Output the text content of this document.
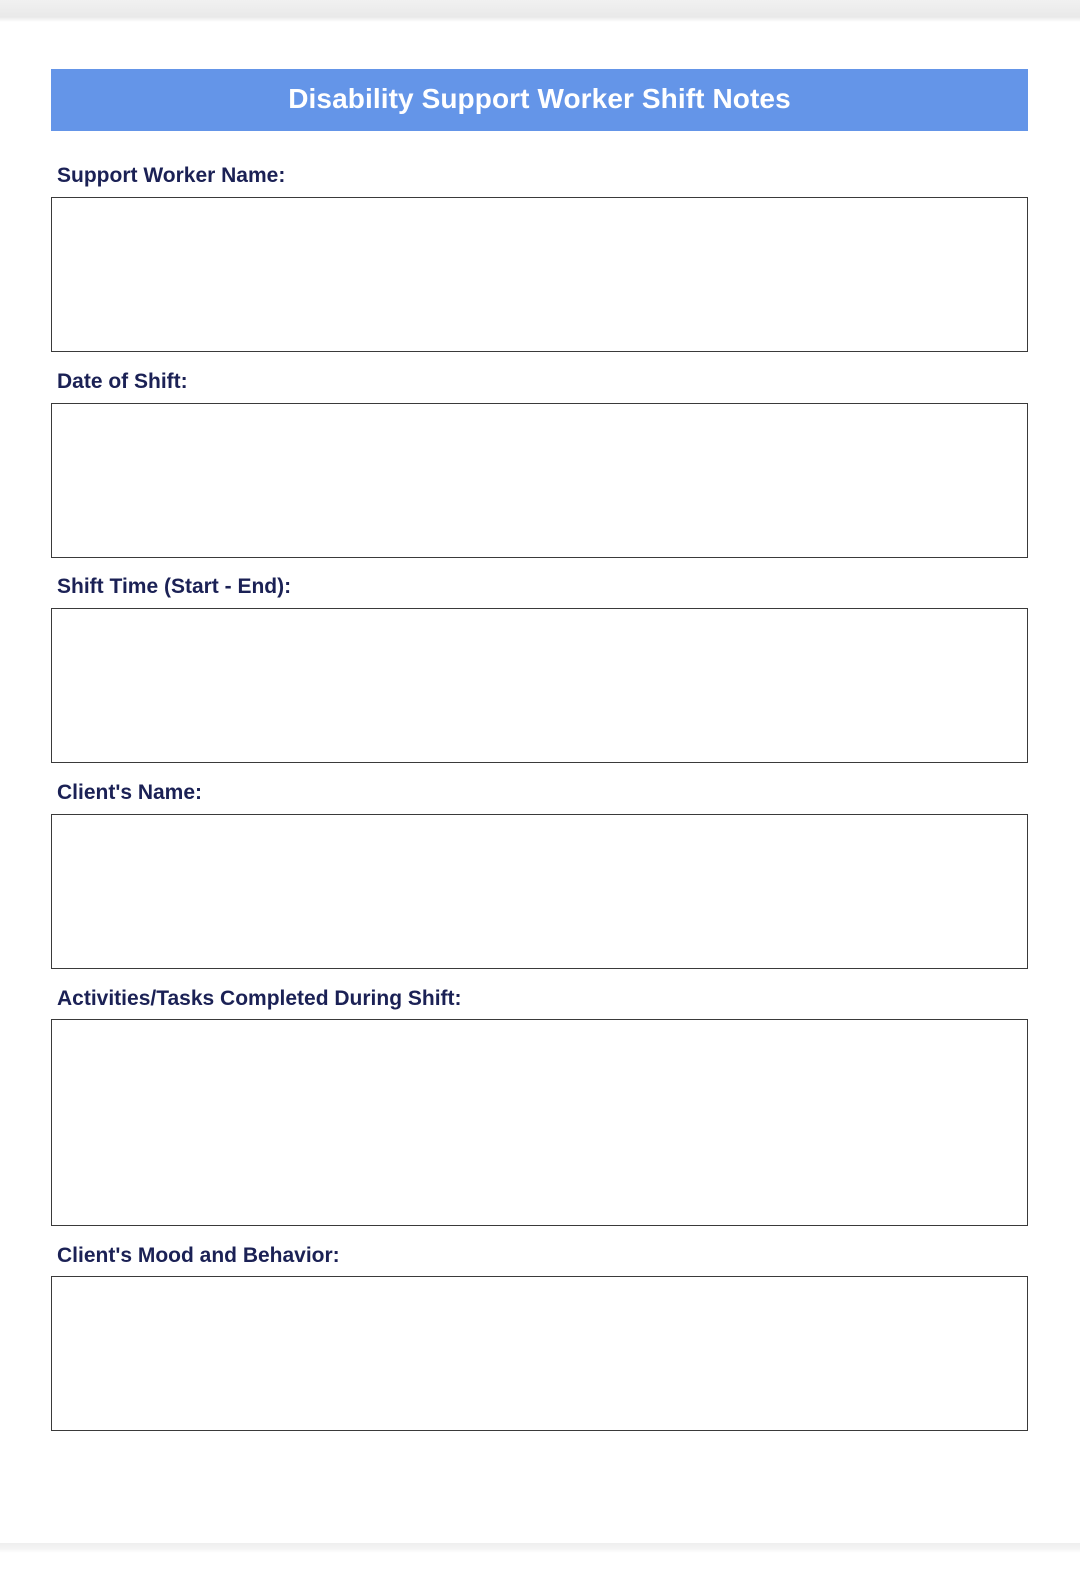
Disability Support Worker Shift Notes
Support Worker Name:
Date of Shift:
Shift Time (Start - End):
Client's Name:
Activities/Tasks Completed During Shift:
Client's Mood and Behavior:
